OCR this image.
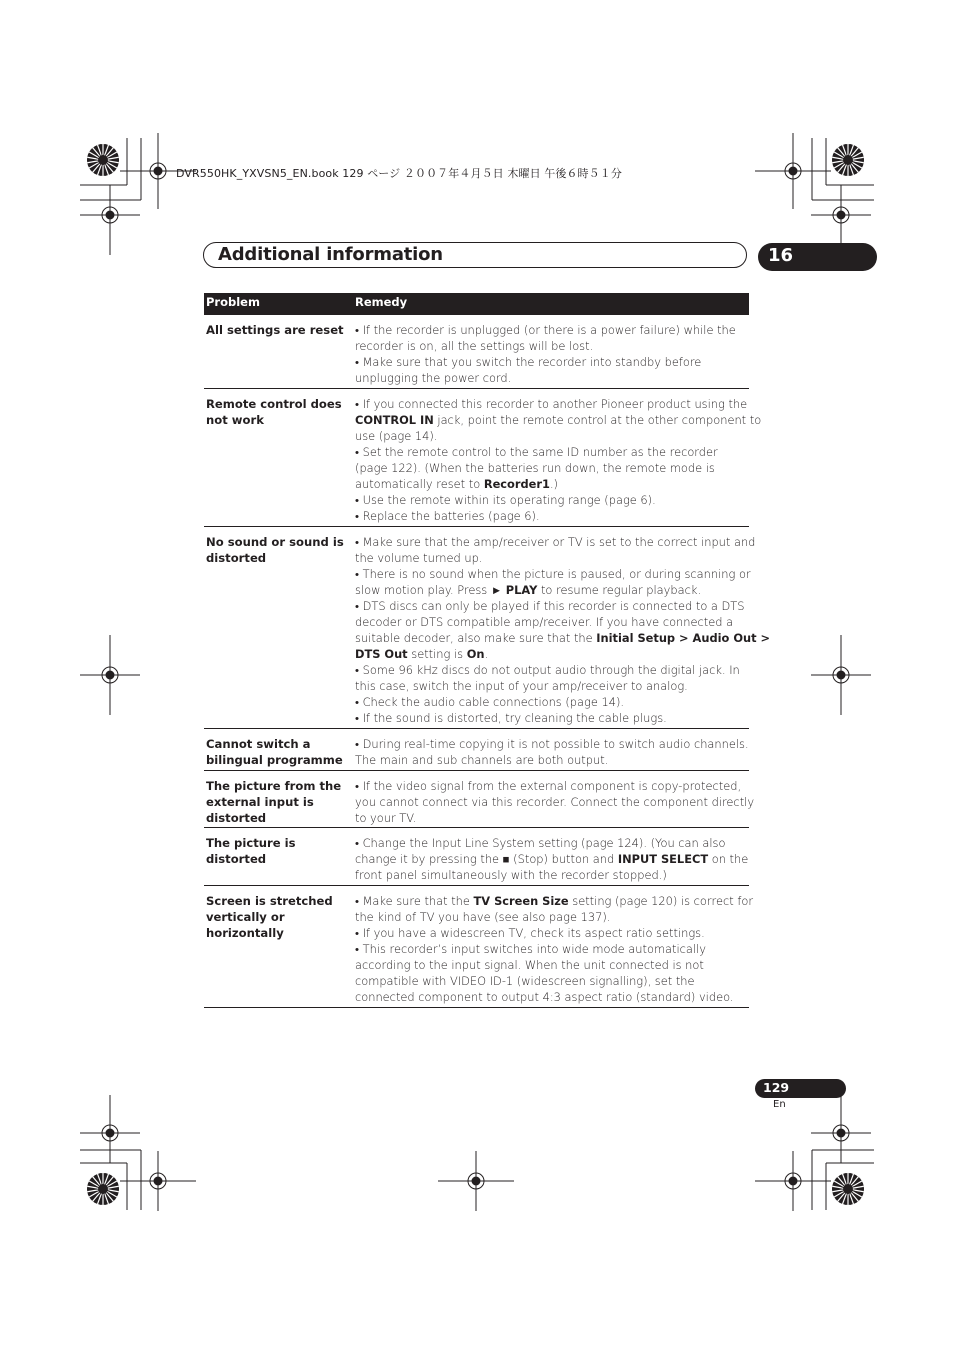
DVR550HK_YXVSN5_EN.book 129 ページ ２００７年４月５日 木曜日 午後６時５１分
Additional information	16
Problem	Remedy
All settings are reset • If the recorder is unplugged (or there is a power failure) while the
recorder is on, all the settings will be lost.
• Make sure that you switch the recorder into standby before
unplugging the power cord.
Remote control does
not work
• If you connected this recorder to another Pioneer product using the
CONTROL IN jack, point the remote control at the other component to
use (page 14).
• Set the remote control to the same ID number as the recorder
(page 122). (When the batteries run down, the remote mode is
automatically reset to Recorder1.)
• Use the remote within its operating range (page 6).
• Replace the batteries (page 6).
No sound or sound is
distorted
• Make sure that the amp/receiver or TV is set to the correct input and
the volume turned up.
• There is no sound when the picture is paused, or during scanning or
slow motion play. Press ► PLAY to resume regular playback.
• DTS discs can only be played if this recorder is connected to a DTS
decoder or DTS compatible amp/receiver. If you have connected a
suitable decoder, also make sure that the Initial Setup > Audio Out >
DTS Out setting is On.
• Some 96 kHz discs do not output audio through the digital jack. In
this case, switch the input of your amp/receiver to analog.
• Check the audio cable connections (page 14).
• If the sound is distorted, try cleaning the cable plugs.
Cannot switch a
bilingual programme
• During real-time copying it is not possible to switch audio channels.
The main and sub channels are both output.
The picture from the
external input is
distorted
• If the video signal from the external component is copy-protected,
you cannot connect via this recorder. Connect the component directly
to your TV.
The picture is distorted
• Change the Input Line System setting (page 124). (You can also
change it by pressing the ■ (Stop) button and INPUT SELECT on the
front panel simultaneously with the recorder stopped.)
Screen is stretched
vertically or
horizontally
• Make sure that the TV Screen Size setting (page 120) is correct for
the kind of TV you have (see also page 137).
• If you have a widescreen TV, check its aspect ratio settings.
• This recorder’s input switches into wide mode automatically
according to the input signal. When the unit connected is not
compatible with VIDEO ID-1 (widescreen signalling), set the
connected component to output 4:3 aspect ratio (standard) video.
129
En
